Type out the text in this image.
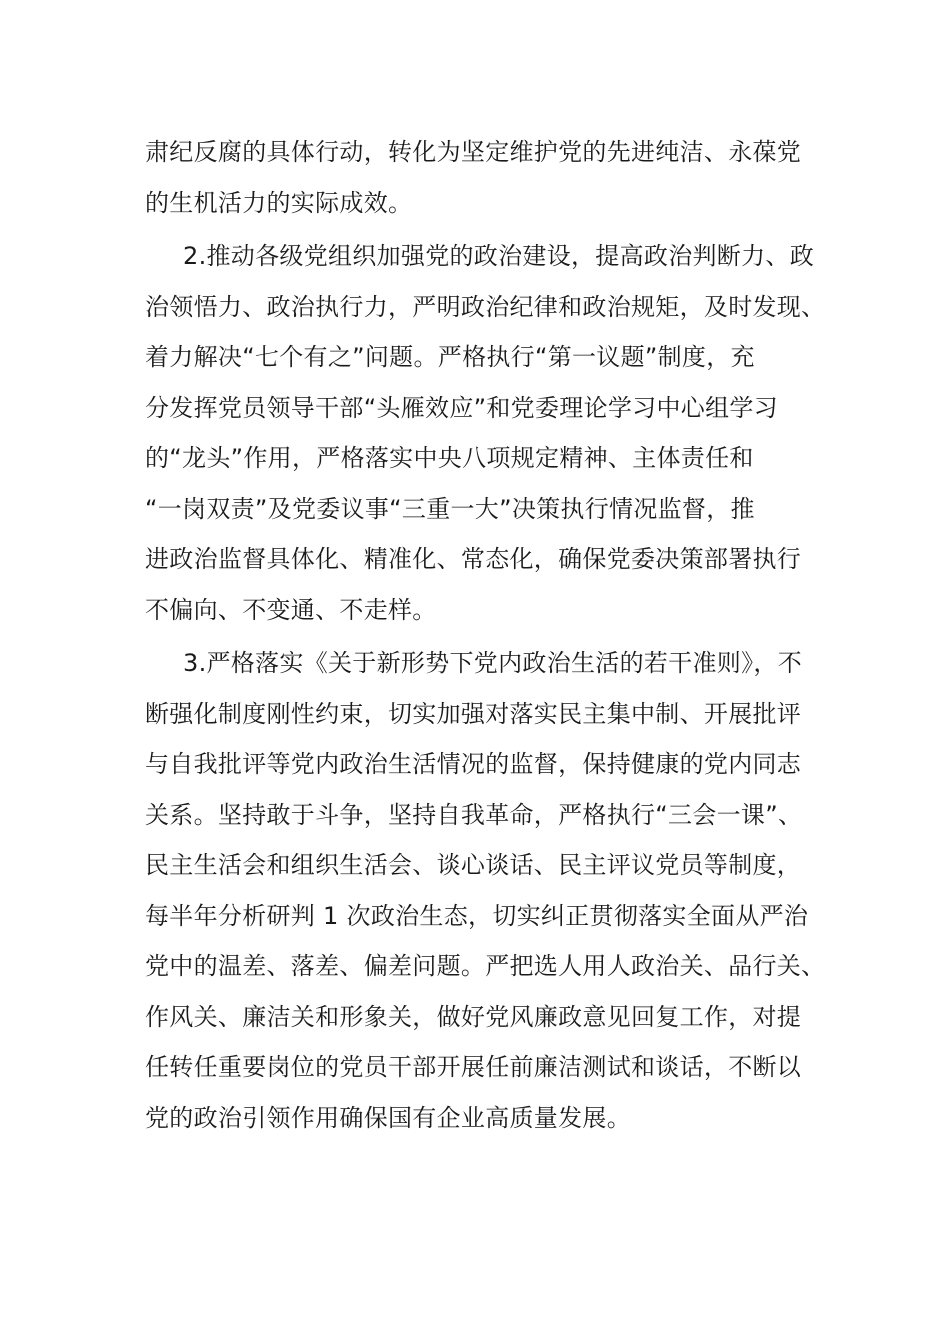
肃纪反腐的具体行动，转化为坚定维护党的先进纯洁、永葆党
的生机活力的实际成效。
2.推动各级党组织加强党的政治建设，提高政治判断力、政
治领悟力、政治执行力，严明政治纪律和政治规矩，及时发现、
着力解决“七个有之”问题。严格执行“第一议题”制度，充
分发挥党员领导干部“头雁效应”和党委理论学习中心组学习
的“龙头”作用，严格落实中央八项规定精神、主体责任和
“一岗双责”及党委议事“三重一大”决策执行情况监督，推
进政治监督具体化、精准化、常态化，确保党委决策部署执行
不偏向、不变通、不走样。
3.严格落实《关于新形势下党内政治生活的若干准则》，不
断强化制度刚性约束，切实加强对落实民主集中制、开展批评
与自我批评等党内政治生活情况的监督，保持健康的党内同志
关系。坚持敢于斗争，坚持自我革命，严格执行“三会一课”、
民主生活会和组织生活会、谈心谈话、民主评议党员等制度，
每半年分析研判 1 次政治生态，切实纠正贯彻落实全面从严治
党中的温差、落差、偏差问题。严把选人用人政治关、品行关、
作风关、廉洁关和形象关，做好党风廉政意见回复工作，对提
任转任重要岗位的党员干部开展任前廉洁测试和谈话，不断以
党的政治引领作用确保国有企业高质量发展。
